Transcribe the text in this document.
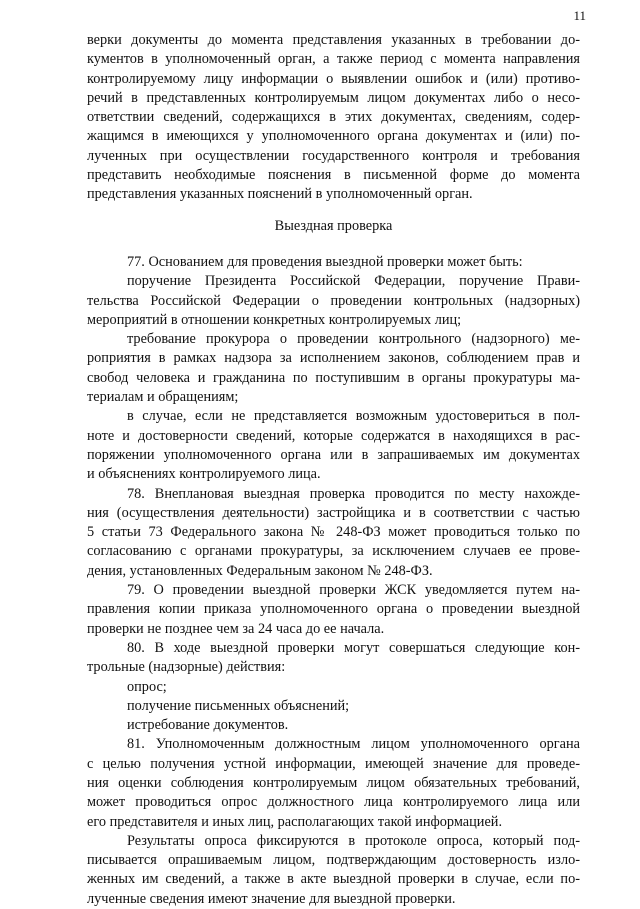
11

верки документы до момента представления указанных в требовании до-
кументов в уполномоченный орган, а также период с момента направления
контролируемому лицу информации о выявлении ошибок и (или) противо-
речий в представленных контролируемым лицом документах либо о несо-
ответствии сведений, содержащихся в этих документах, сведениям, содер-
жащимся в имеющихся у уполномоченного органа документах и (или) по-
лученных при осуществлении государственного контроля и требования
представить необходимые пояснения в письменной форме до момента
представления указанных пояснений в уполномоченный орган.

Выездная проверка

77. Основанием для проведения выездной проверки может быть:

поручение Президента Российской Федерации, поручение Прави-
тельства Российской Федерации о проведении контрольных (надзорных)
мероприятий в отношении конкретных контролируемых лиц;

требование прокурора о проведении контрольного (надзорного) ме-
роприятия в рамках надзора за исполнением законов, соблюдением прав и
свобод человека и гражданина по поступившим в органы прокуратуры ма-
териалам и обращениям;

в случае, если не представляется возможным удостовериться в пол-
ноте и достоверности сведений, которые содержатся в находящихся в рас-
поряжении уполномоченного органа или в запрашиваемых им документах
и объяснениях контролируемого лица.

78. Внеплановая выездная проверка проводится по месту нахожде-
ния (осуществления деятельности) застройщика и в соответствии с частью
5 статьи 73 Федерального закона № 248-ФЗ может проводиться только по
согласованию с органами прокуратуры, за исключением случаев ее прове-
дения, установленных Федеральным законом № 248-ФЗ.

79. О проведении выездной проверки ЖСК уведомляется путем на-
правления копии приказа уполномоченного органа о проведении выездной
проверки не позднее чем за 24 часа до ее начала.

80. В ходе выездной проверки могут совершаться следующие кон-
трольные (надзорные) действия:

опрос;

получение письменных объяснений;

истребование документов.

81. Уполномоченным должностным лицом уполномоченного органа
с целью получения устной информации, имеющей значение для проведе-
ния оценки соблюдения контролируемым лицом обязательных требований,
может проводиться опрос должностного лица контролируемого лица или
его представителя и иных лиц, располагающих такой информацией.

Результаты опроса фиксируются в протоколе опроса, который под-
писывается опрашиваемым лицом, подтверждающим достоверность изло-
женных им сведений, а также в акте выездной проверки в случае, если по-
лученные сведения имеют значение для выездной проверки.
